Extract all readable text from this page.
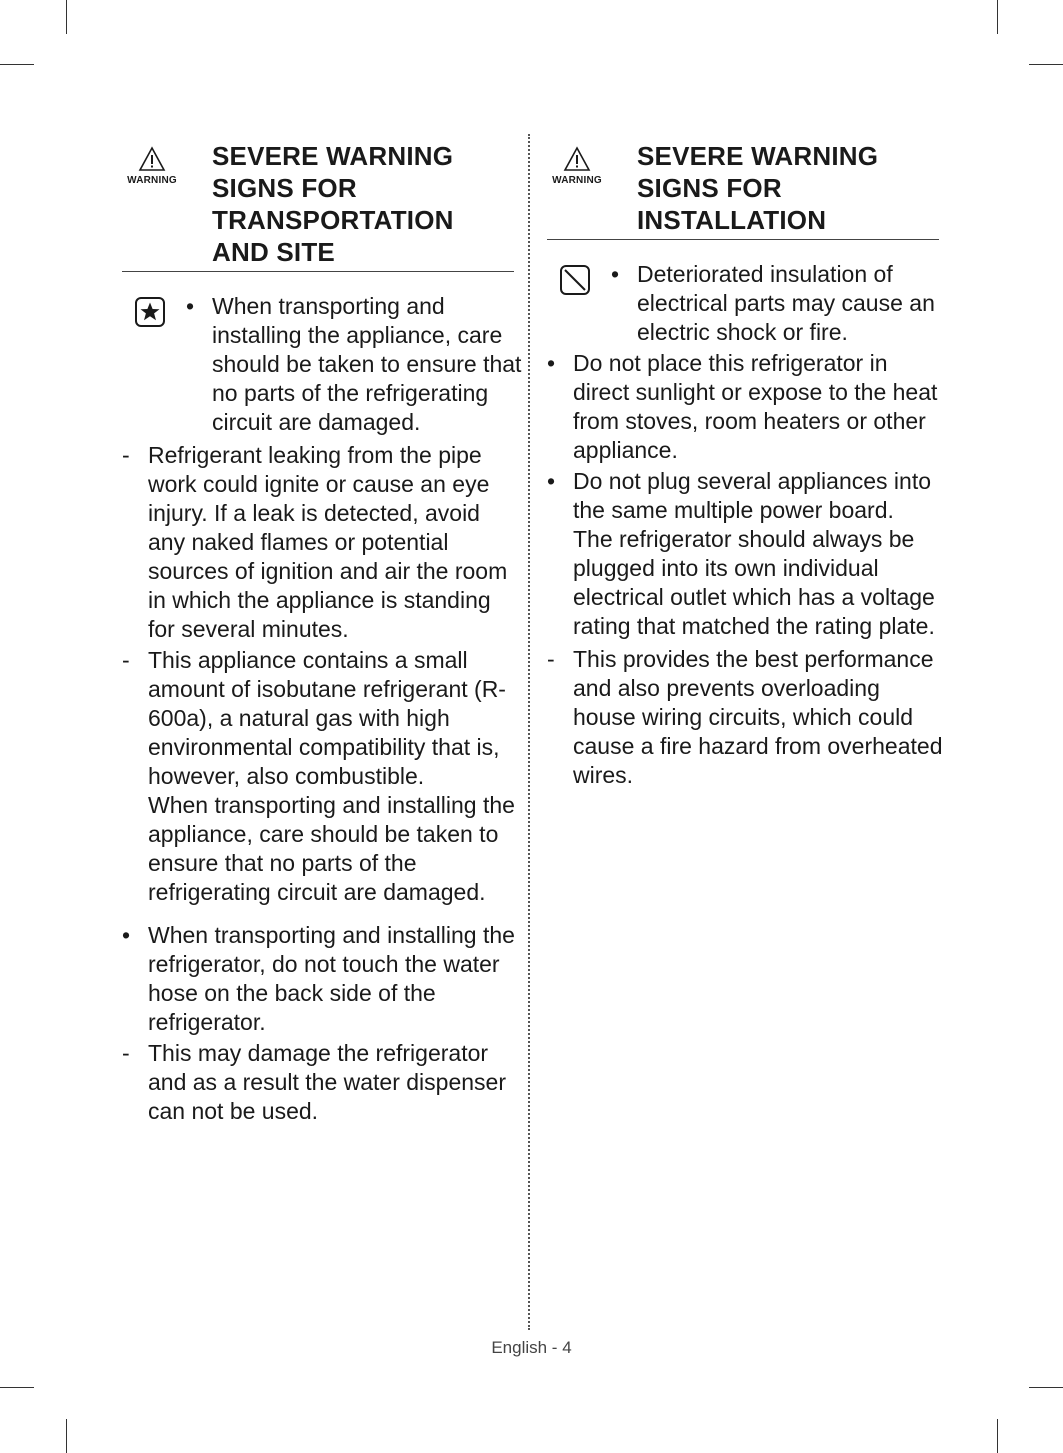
WARNING
SEVERE WARNING
SIGNS FOR
TRANSPORTATION
AND SITE
• When transporting and installing the appliance, care should be taken to ensure that no parts of the refrigerating circuit are damaged.
- Refrigerant leaking from the pipe work could ignite or cause an eye injury. If a leak is detected, avoid any naked flames or potential sources of ignition and air the room in which the appliance is standing for several minutes.
- This appliance contains a small amount of isobutane refrigerant (R-600a), a natural gas with high environmental compatibility that is, however, also combustible.
When transporting and installing the appliance, care should be taken to ensure that no parts of the refrigerating circuit are damaged.
• When transporting and installing the refrigerator, do not touch the water hose on the back side of the refrigerator.
- This may damage the refrigerator and as a result the water dispenser can not be used.
WARNING
SEVERE WARNING
SIGNS FOR
INSTALLATION
• Deteriorated insulation of electrical parts may cause an electric shock or fire.
• Do not place this refrigerator in direct sunlight or expose to the heat from stoves, room heaters or other appliance.
• Do not plug several appliances into the same multiple power board.
The refrigerator should always be plugged into its own individual electrical outlet which has a voltage rating that matched the rating plate.
- This provides the best performance and also prevents overloading house wiring circuits, which could cause a fire hazard from overheated wires.
English - 4
